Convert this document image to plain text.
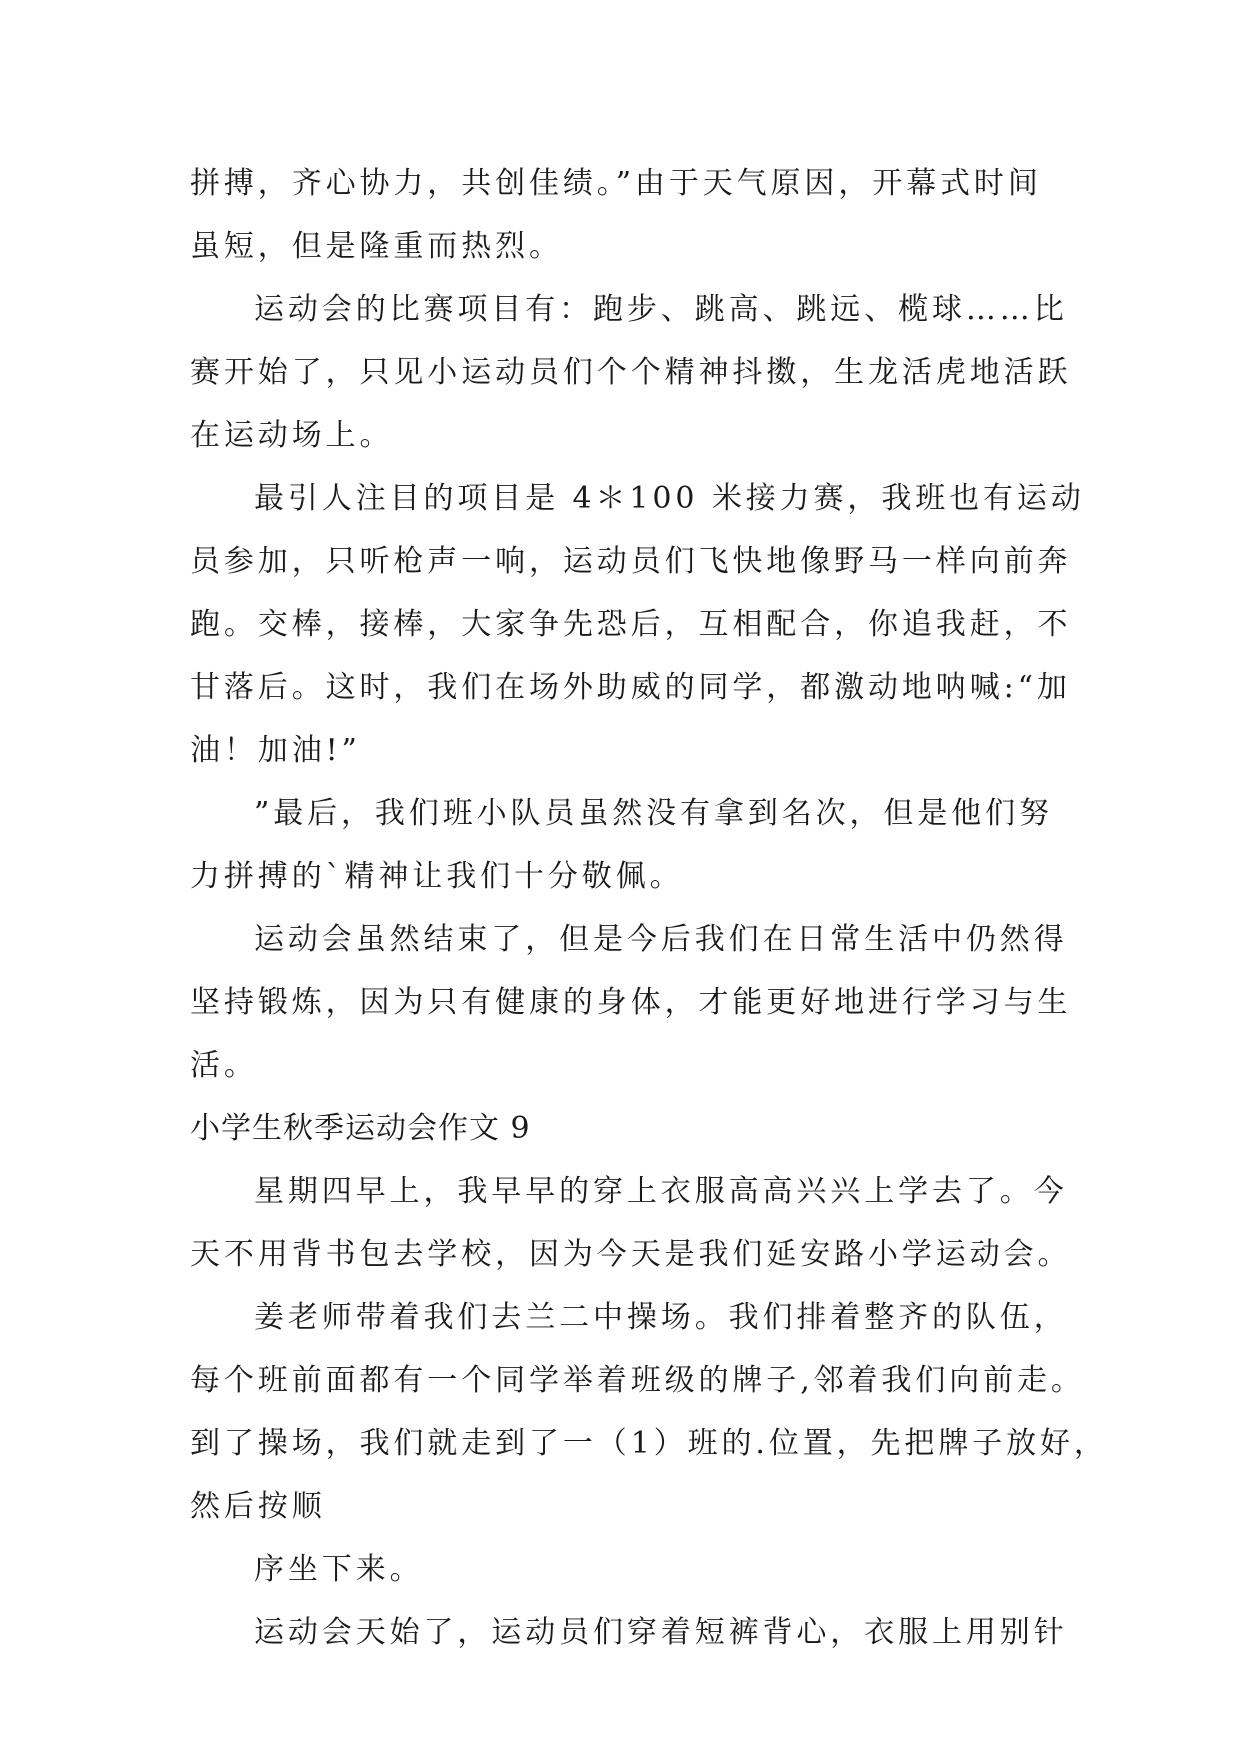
拼搏，齐心协力，共创佳绩。”由于天气原因，开幕式时间
虽短，但是隆重而热烈。
运动会的比赛项目有：跑步、跳高、跳远、榄球……比
赛开始了，只见小运动员们个个精神抖擞，生龙活虎地活跃
在运动场上。
最引人注目的项目是 4＊100 米接力赛，我班也有运动
员参加，只听枪声一响，运动员们飞快地像野马一样向前奔
跑。交棒，接棒，大家争先恐后，互相配合，你追我赶，不
甘落后。这时，我们在场外助威的同学，都激动地呐喊:“加
油！加油!”
”最后，我们班小队员虽然没有拿到名次，但是他们努
力拼搏的`精神让我们十分敬佩。
运动会虽然结束了，但是今后我们在日常生活中仍然得
坚持锻炼，因为只有健康的身体，才能更好地进行学习与生
活。
小学生秋季运动会作文 9
星期四早上，我早早的穿上衣服高高兴兴上学去了。今
天不用背书包去学校，因为今天是我们延安路小学运动会。
姜老师带着我们去兰二中操场。我们排着整齐的队伍，
每个班前面都有一个同学举着班级的牌子,邻着我们向前走。
到了操场，我们就走到了一（1）班的.位置，先把牌子放好，
然后按顺
序坐下来。
运动会天始了，运动员们穿着短裤背心，衣服上用别针
